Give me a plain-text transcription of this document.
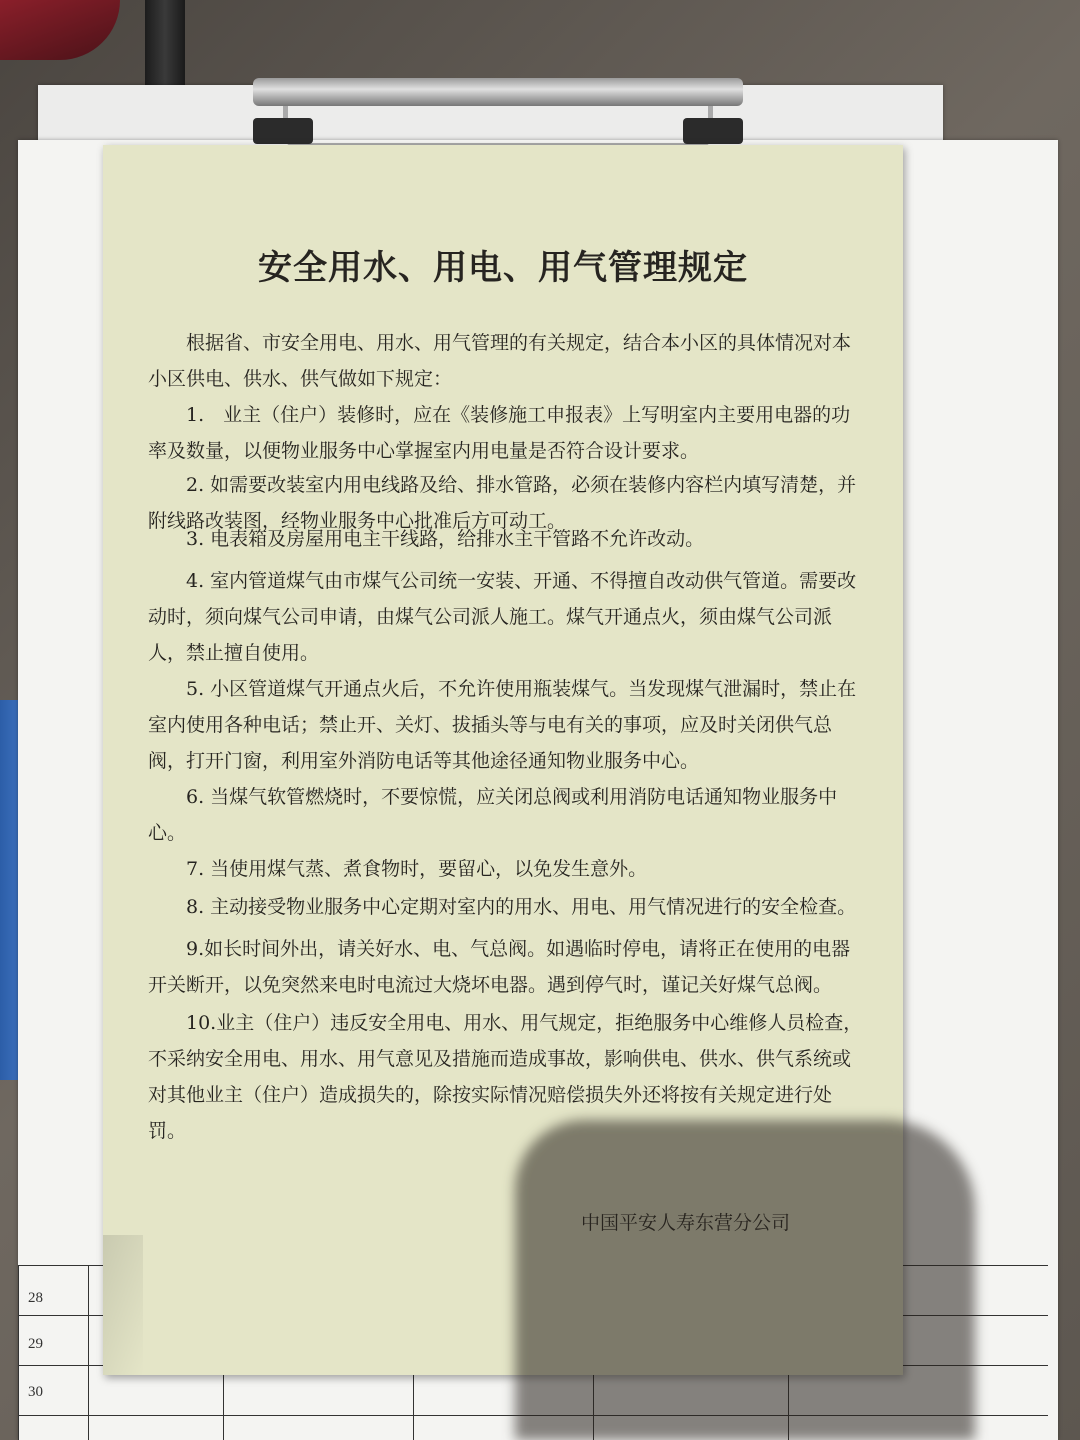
28
29
30
安全用水、用电、用气管理规定

根据省、市安全用电、用水、用气管理的有关规定，结合本小区的具体情况对本小区供电、供水、供气做如下规定：

1.　业主（住户）装修时，应在《装修施工申报表》上写明室内主要用电器的功率及数量，以便物业服务中心掌握室内用电量是否符合设计要求。

2. 如需要改装室内用电线路及给、排水管路，必须在装修内容栏内填写清楚，并附线路改装图，经物业服务中心批准后方可动工。

3. 电表箱及房屋用电主干线路，给排水主干管路不允许改动。

4. 室内管道煤气由市煤气公司统一安装、开通、不得擅自改动供气管道。需要改动时，须向煤气公司申请，由煤气公司派人施工。煤气开通点火，须由煤气公司派人，禁止擅自使用。

5. 小区管道煤气开通点火后，不允许使用瓶装煤气。当发现煤气泄漏时，禁止在室内使用各种电话；禁止开、关灯、拔插头等与电有关的事项，应及时关闭供气总阀，打开门窗，利用室外消防电话等其他途径通知物业服务中心。

6. 当煤气软管燃烧时，不要惊慌，应关闭总阀或利用消防电话通知物业服务中心。

7. 当使用煤气蒸、煮食物时，要留心，以免发生意外。

8. 主动接受物业服务中心定期对室内的用水、用电、用气情况进行的安全检查。

9.如长时间外出，请关好水、电、气总阀。如遇临时停电，请将正在使用的电器开关断开，以免突然来电时电流过大烧坏电器。遇到停气时，谨记关好煤气总阀。

10.业主（住户）违反安全用电、用水、用气规定，拒绝服务中心维修人员检查，不采纳安全用电、用水、用气意见及措施而造成事故，影响供电、供水、供气系统或对其他业主（住户）造成损失的，除按实际情况赔偿损失外还将按有关规定进行处罚。
